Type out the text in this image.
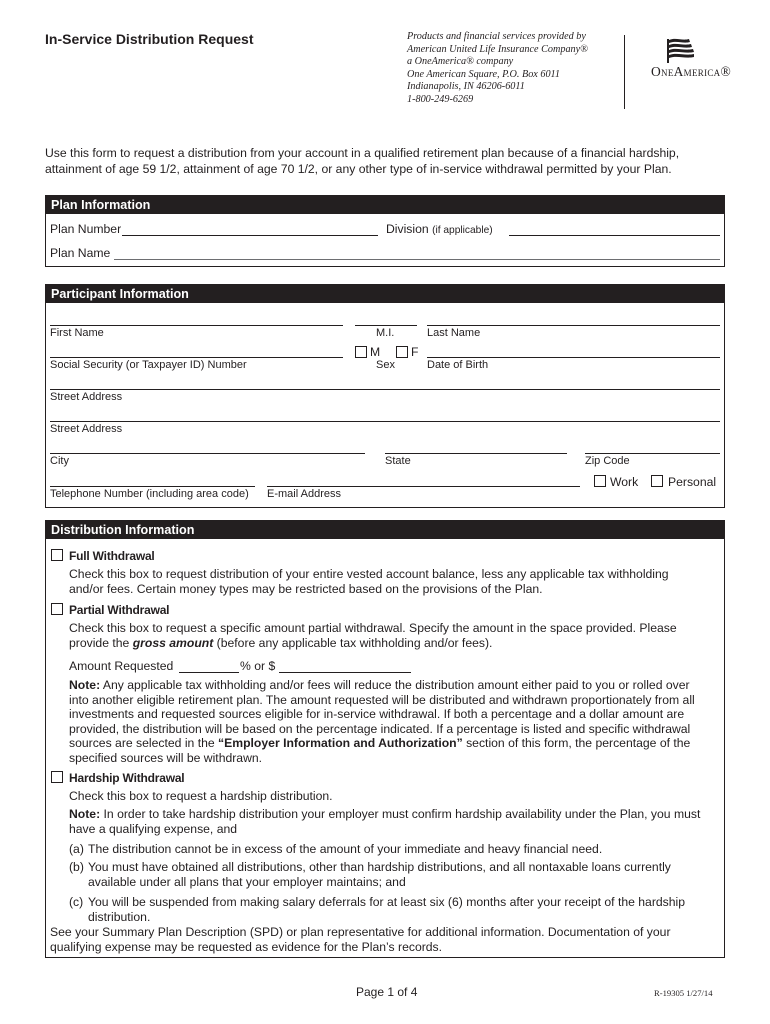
In-Service Distribution Request	Products and financial services provided by
American United Life Insurance Company®
a OneAmerica® company
One American Square, P.O. Box 6011
Indianapolis, IN 46206-6011
1-800-249-6269
OneAmerica®
Use this form to request a distribution from your account in a qualified retirement plan because of a financial hardship, attainment of age 59 1/2, attainment of age 70 1/2, or any other type of in-service withdrawal permitted by your Plan.
Plan Information
Plan Number	Division (if applicable)
Plan Name
Participant Information
First Name	M.I.	Last Name
M	F
Social Security (or Taxpayer ID) Number	Sex	Date of Birth
Street Address
Street Address
City	State	Zip Code
Work Personal
Telephone Number (including area code) E-mail Address
Distribution Information
Full Withdrawal
Check this box to request distribution of your entire vested account balance, less any applicable tax withholding and/or fees. Certain money types may be restricted based on the provisions of the Plan.
Partial Withdrawal
Check this box to request a specific amount partial withdrawal. Specify the amount in the space provided. Please provide the gross amount (before any applicable tax withholding and/or fees).
Amount Requested	% or $
Note: Any applicable tax withholding and/or fees will reduce the distribution amount either paid to you or rolled over into another eligible retirement plan. The amount requested will be distributed and withdrawn proportionately from all investments and requested sources eligible for in-service withdrawal. If both a percentage and a dollar amount are provided, the distribution will be based on the percentage indicated. If a percentage is listed and specific withdrawal sources are selected in the “Employer Information and Authorization” section of this form, the percentage of the specified sources will be withdrawn.
Hardship Withdrawal
Check this box to request a hardship distribution.
Note: In order to take hardship distribution your employer must confirm hardship availability under the Plan, you must have a qualifying expense, and
(a) The distribution cannot be in excess of the amount of your immediate and heavy financial need.
(b) You must have obtained all distributions, other than hardship distributions, and all nontaxable loans currently available under all plans that your employer maintains; and
(c) You will be suspended from making salary deferrals for at least six (6) months after your receipt of the hardship distribution.
See your Summary Plan Description (SPD) or plan representative for additional information. Documentation of your qualifying expense may be requested as evidence for the Plan’s records.
Page 1 of 4	R-19305 1/27/14
